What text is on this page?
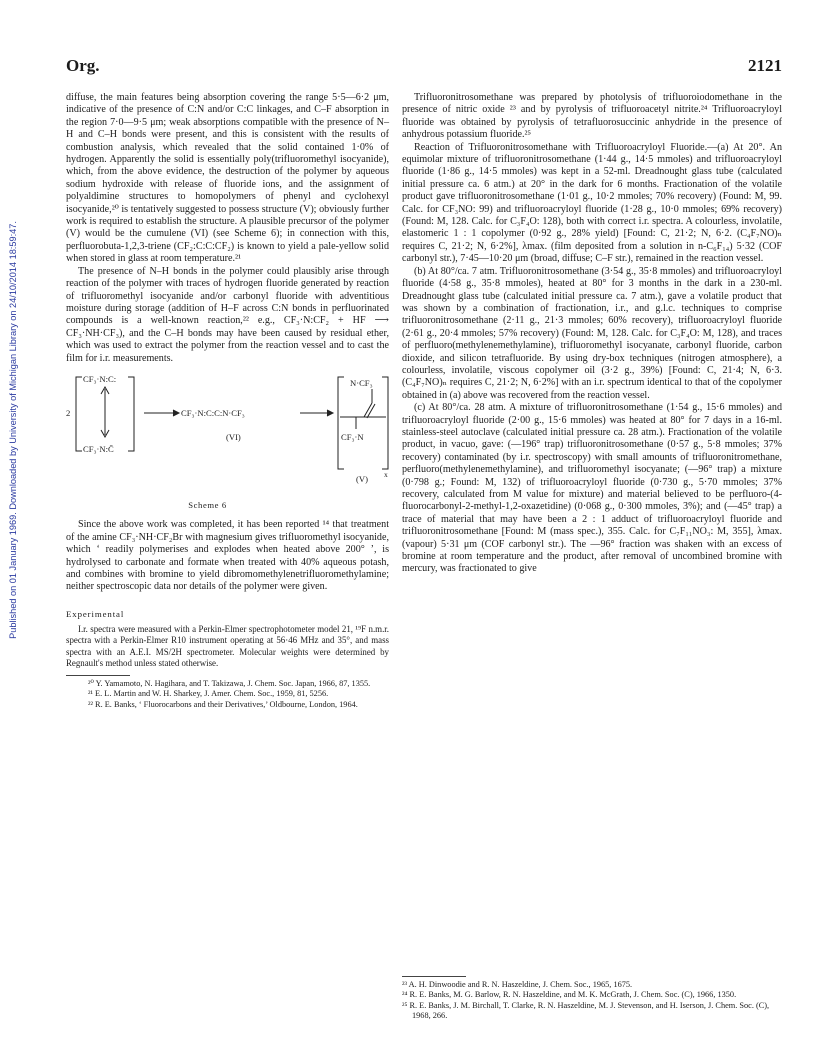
Org.	2121
Published on 01 January 1969. Downloaded by University of Michigan Library on 24/10/2014 18:59:47.

diffuse, the main features being absorption covering the range 5·5—6·2 μm, indicative of the presence of C:N and/or C:C linkages, and C–F absorption in the region 7·0—9·5 μm; weak absorptions compatible with the presence of N–H and C–H bonds were present, and this is consistent with the results of combustion analysis, which revealed that the solid contained 1·0% of hydrogen. Apparently the solid is essentially poly(trifluoromethyl isocyanide), which, from the above evidence, the destruction of the polymer by aqueous sodium hydroxide with release of fluoride ions, and the assignment of polyaldimine structures to homopolymers of phenyl and cyclohexyl isocyanide,²⁰ is tentatively suggested to possess structure (V); obviously further work is required to establish the structure. A plausible precursor of the polymer (V) would be the cumulene (VI) (see Scheme 6); in connection with this, perfluorobuta-1,2,3-triene (CF₂:C:C:CF₂) is known to yield a pale-yellow solid when stored in glass at room temperature.²¹

The presence of N–H bonds in the polymer could plausibly arise through reaction of the polymer with traces of hydrogen fluoride generated by reaction of trifluoromethyl isocyanide and/or carbonyl fluoride with adventitious moisture during storage (addition of H–F across C:N bonds in perfluorinated compounds is a well-known reaction,²² e.g., CF₃·N:CF₂ + HF ⟶ CF₃·NH·CF₃), and the C–H bonds may have been caused by residual ether, which was used to extract the polymer from the reaction vessel and to cast the film for i.r. measurements.

CF₃·N:C:
2
CF₃·N:C̄
CF₃·N:C:C:N·CF₃
(VI)
N·CF₃
CF₃·N
(V) x
Scheme 6

Since the above work was completed, it has been reported ¹⁴ that treatment of the amine CF₃·NH·CF₂Br with magnesium gives trifluoromethyl isocyanide, which ‘ readily polymerises and explodes when heated above 200° ’, is hydrolysed to carbonate and formate when treated with 40% aqueous potash, and combines with bromine to yield dibromomethylenetrifluoromethylamine; neither spectroscopic data nor details of the polymer were given.

Experimental

I.r. spectra were measured with a Perkin-Elmer spectrophotometer model 21, ¹⁹F n.m.r. spectra with a Perkin-Elmer R10 instrument operating at 56·46 MHz and 35°, and mass spectra with an A.E.I. MS/2H spectrometer. Molecular weights were determined by Regnault's method unless stated otherwise.

²⁰ Y. Yamamoto, N. Hagihara, and T. Takizawa, J. Chem. Soc. Japan, 1966, 87, 1355.

²¹ E. L. Martin and W. H. Sharkey, J. Amer. Chem. Soc., 1959, 81, 5256.

²² R. E. Banks, ‘ Fluorocarbons and their Derivatives,’ Oldbourne, London, 1964.

Trifluoronitrosomethane was prepared by photolysis of trifluoroiodomethane in the presence of nitric oxide ²³ and by pyrolysis of trifluoroacetyl nitrite.²⁴ Trifluoroacryloyl fluoride was obtained by pyrolysis of tetrafluorosuccinic anhydride in the presence of anhydrous potassium fluoride.²⁵

Reaction of Trifluoronitrosomethane with Trifluoroacryloyl Fluoride.—(a) At 20°. An equimolar mixture of trifluoronitrosomethane (1·44 g., 14·5 mmoles) and trifluoroacryloyl fluoride (1·86 g., 14·5 mmoles) was kept in a 52-ml. Dreadnought glass tube (calculated initial pressure ca. 6 atm.) at 20° in the dark for 6 months. Fractionation of the volatile product gave trifluoronitrosomethane (1·01 g., 10·2 mmoles; 70% recovery) (Found: M, 99. Calc. for CF₃NO: 99) and trifluoroacryloyl fluoride (1·28 g., 10·0 mmoles; 69% recovery) (Found: M, 128. Calc. for C₃F₄O: 128), both with correct i.r. spectra. A colourless, involatile, elastomeric 1 : 1 copolymer (0·92 g., 28% yield) [Found: C, 21·2; N, 6·2. (C₄F₇NO)ₙ requires C, 21·2; N, 6·2%], λmax. (film deposited from a solution in n-C₆F₁₄) 5·32 (COF carbonyl str.), 7·45—10·20 μm (broad, diffuse; C–F str.), remained in the reaction vessel.

(b) At 80°/ca. 7 atm. Trifluoronitrosomethane (3·54 g., 35·8 mmoles) and trifluoroacryloyl fluoride (4·58 g., 35·8 mmoles), heated at 80° for 3 months in the dark in a 230-ml. Dreadnought glass tube (calculated initial pressure ca. 7 atm.), gave a volatile product that was shown by a combination of fractionation, i.r., and g.l.c. techniques to comprise trifluoronitrosomethane (2·11 g., 21·3 mmoles; 60% recovery), trifluoroacryloyl fluoride (2·61 g., 20·4 mmoles; 57% recovery) (Found: M, 128. Calc. for C₃F₄O: M, 128), and traces of perfluoro(methylenemethylamine), trifluoromethyl isocyanate, carbonyl fluoride, carbon dioxide, and silicon tetrafluoride. By using dry-box techniques (nitrogen atmosphere), a colourless, involatile, viscous copolymer oil (3·2 g., 39%) [Found: C, 21·4; N, 6·3. (C₄F₇NO)ₙ requires C, 21·2; N, 6·2%] with an i.r. spectrum identical to that of the copolymer obtained in (a) above was recovered from the reaction vessel.

(c) At 80°/ca. 28 atm. A mixture of trifluoronitrosomethane (1·54 g., 15·6 mmoles) and trifluoroacryloyl fluoride (2·00 g., 15·6 mmoles) was heated at 80° for 7 days in a 16-ml. stainless-steel autoclave (calculated initial pressure ca. 28 atm.). Fractionation of the volatile product, in vacuo, gave: (—196° trap) trifluoronitrosomethane (0·57 g., 5·8 mmoles; 37% recovery) contaminated (by i.r. spectroscopy) with small amounts of trifluoronitromethane, perfluoro(methylenemethylamine), and trifluoromethyl isocyanate; (—96° trap) a mixture (0·798 g.; Found: M, 132) of trifluoroacryloyl fluoride (0·730 g., 5·70 mmoles; 37% recovery, calculated from M value for mixture) and material believed to be perfluoro-(4-fluorocarbonyl-2-methyl-1,2-oxazetidine) (0·068 g., 0·300 mmoles, 3%); and (—45° trap) a trace of material that may have been a 2 : 1 adduct of trifluoroacryloyl fluoride and trifluoronitrosomethane [Found: M (mass spec.), 355. Calc. for C₇F₁₁NO₃: M, 355], λmax. (vapour) 5·31 μm (COF carbonyl str.). The —96° fraction was shaken with an excess of bromine at room temperature and the product, after removal of uncombined bromine with mercury, was fractionated to give

²³ A. H. Dinwoodie and R. N. Haszeldine, J. Chem. Soc., 1965, 1675.

²⁴ R. E. Banks, M. G. Barlow, R. N. Haszeldine, and M. K. McGrath, J. Chem. Soc. (C), 1966, 1350.

²⁵ R. E. Banks, J. M. Birchall, T. Clarke, R. N. Haszeldine, M. J. Stevenson, and H. Iserson, J. Chem. Soc. (C), 1968, 266.
